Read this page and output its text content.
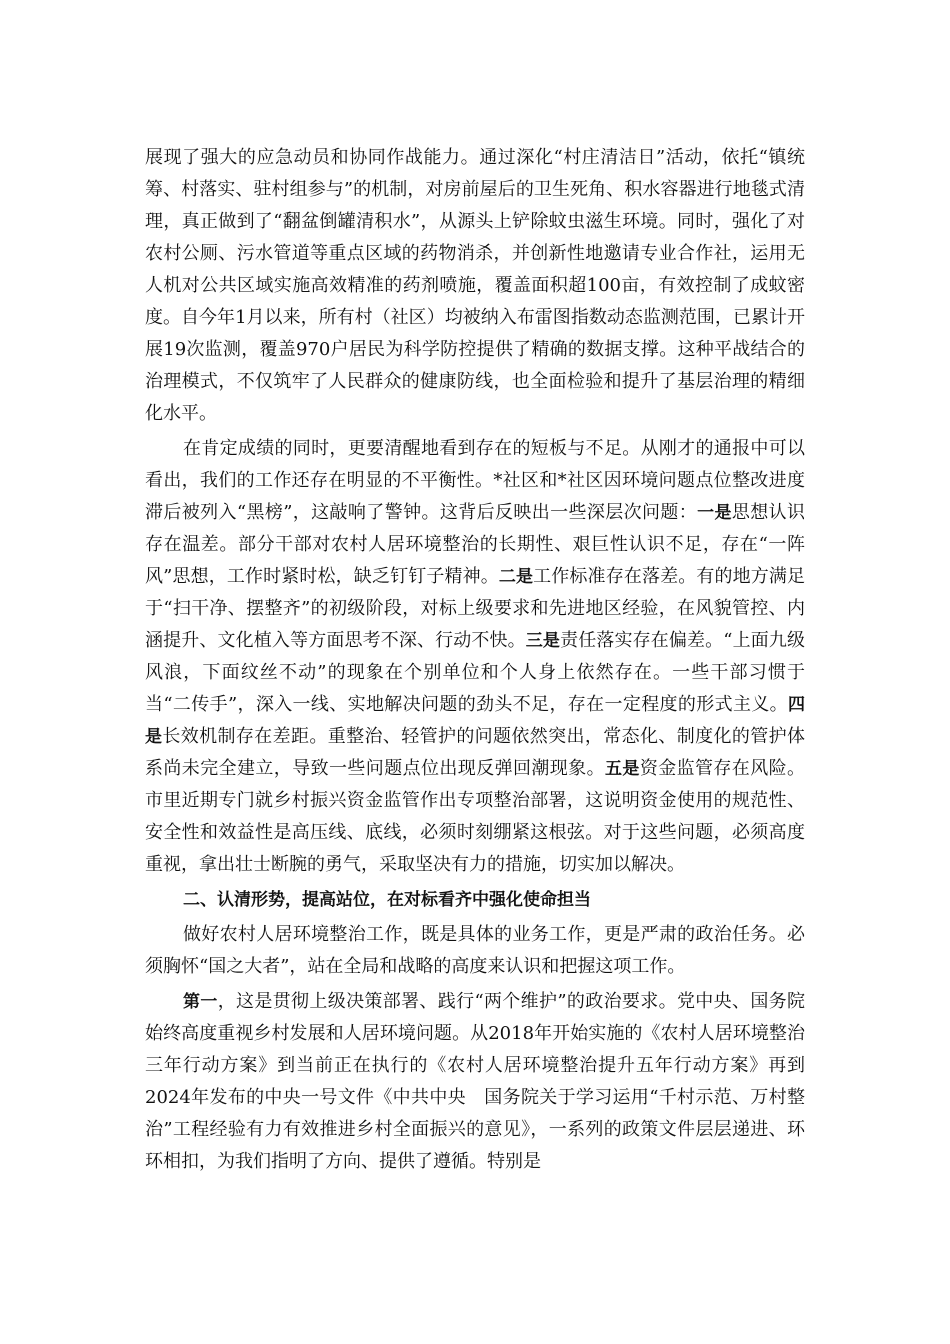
展现了强大的应急动员和协同作战能力。通过深化“村庄清洁日”活动，依托“镇统筹、村落实、驻村组参与”的机制，对房前屋后的卫生死角、积水容器进行地毯式清理，真正做到了“翻盆倒罐清积水”，从源头上铲除蚊虫滋生环境。同时，强化了对农村公厕、污水管道等重点区域的药物消杀，并创新性地邀请专业合作社，运用无人机对公共区域实施高效精准的药剂喷施，覆盖面积超100亩，有效控制了成蚊密度。自今年1月以来，所有村（社区）均被纳入布雷图指数动态监测范围，已累计开展19次监测，覆盖970户居民为科学防控提供了精确的数据支撑。这种平战结合的治理模式，不仅筑牢了人民群众的健康防线，也全面检验和提升了基层治理的精细化水平。

在肯定成绩的同时，更要清醒地看到存在的短板与不足。从刚才的通报中可以看出，我们的工作还存在明显的不平衡性。*社区和*社区因环境问题点位整改进度滞后被列入“黑榜”，这敲响了警钟。这背后反映出一些深层次问题：一是思想认识存在温差。部分干部对农村人居环境整治的长期性、艰巨性认识不足，存在“一阵风”思想，工作时紧时松，缺乏钉钉子精神。二是工作标准存在落差。有的地方满足于“扫干净、摆整齐”的初级阶段，对标上级要求和先进地区经验，在风貌管控、内涵提升、文化植入等方面思考不深、行动不快。三是责任落实存在偏差。“上面九级风浪，下面纹丝不动”的现象在个别单位和个人身上依然存在。一些干部习惯于当“二传手”，深入一线、实地解决问题的劲头不足，存在一定程度的形式主义。四是长效机制存在差距。重整治、轻管护的问题依然突出，常态化、制度化的管护体系尚未完全建立，导致一些问题点位出现反弹回潮现象。五是资金监管存在风险。市里近期专门就乡村振兴资金监管作出专项整治部署，这说明资金使用的规范性、安全性和效益性是高压线、底线，必须时刻绷紧这根弦。对于这些问题，必须高度重视，拿出壮士断腕的勇气，采取坚决有力的措施，切实加以解决。

二、认清形势，提高站位，在对标看齐中强化使命担当

做好农村人居环境整治工作，既是具体的业务工作，更是严肃的政治任务。必须胸怀“国之大者”，站在全局和战略的高度来认识和把握这项工作。

第一，这是贯彻上级决策部署、践行“两个维护”的政治要求。党中央、国务院始终高度重视乡村发展和人居环境问题。从2018年开始实施的《农村人居环境整治三年行动方案》到当前正在执行的《农村人居环境整治提升五年行动方案》再到2024年发布的中央一号文件《中共中央　国务院关于学习运用“千村示范、万村整治”工程经验有力有效推进乡村全面振兴的意见》，一系列的政策文件层层递进、环环相扣，为我们指明了方向、提供了遵循。特别是
